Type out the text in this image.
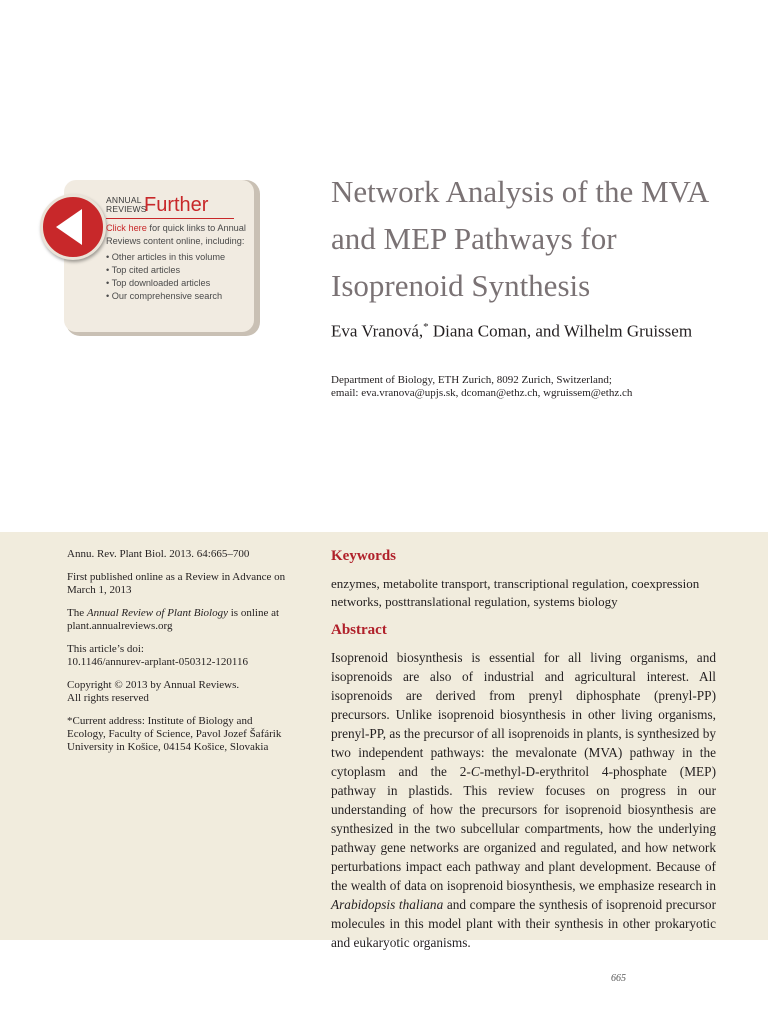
ANNUAL
REVIEWS
Further
Click here for quick links to Annual Reviews content online, including:
• Other articles in this volume
• Top cited articles
• Top downloaded articles
• Our comprehensive search
Network Analysis of the MVA
and MEP Pathways for
Isoprenoid Synthesis
Eva Vranová,* Diana Coman, and Wilhelm Gruissem
Department of Biology, ETH Zurich, 8092 Zurich, Switzerland;
email: eva.vranova@upjs.sk, dcoman@ethz.ch, wgruissem@ethz.ch

Annu. Rev. Plant Biol. 2013. 64:665–700

First published online as a Review in Advance on March 1, 2013

The Annual Review of Plant Biology is online at plant.annualreviews.org

This article’s doi:
10.1146/annurev-arplant-050312-120116

Copyright © 2013 by Annual Reviews.
All rights reserved

*Current address: Institute of Biology and Ecology, Faculty of Science, Pavol Jozef Šafárik University in Košice, 04154 Košice, Slovakia

Keywords
enzymes, metabolite transport, transcriptional regulation, coexpression networks, posttranslational regulation, systems biology
Abstract
Isoprenoid biosynthesis is essential for all living organisms, and isoprenoids are also of industrial and agricultural interest. All isoprenoids are derived from prenyl diphosphate (prenyl-PP) precursors. Unlike isoprenoid biosynthesis in other living organisms, prenyl-PP, as the precursor of all isoprenoids in plants, is synthesized by two independent pathways: the mevalonate (MVA) pathway in the cytoplasm and the 2-C-methyl-D-erythritol 4-phosphate (MEP) pathway in plastids. This review focuses on progress in our understanding of how the precursors for isoprenoid biosynthesis are synthesized in the two subcellular compartments, how the underlying pathway gene networks are organized and regulated, and how network perturbations impact each pathway and plant development. Because of the wealth of data on isoprenoid biosynthesis, we emphasize research in Arabidopsis thaliana and compare the synthesis of isoprenoid precursor molecules in this model plant with their synthesis in other prokaryotic and eukaryotic organisms.
665
